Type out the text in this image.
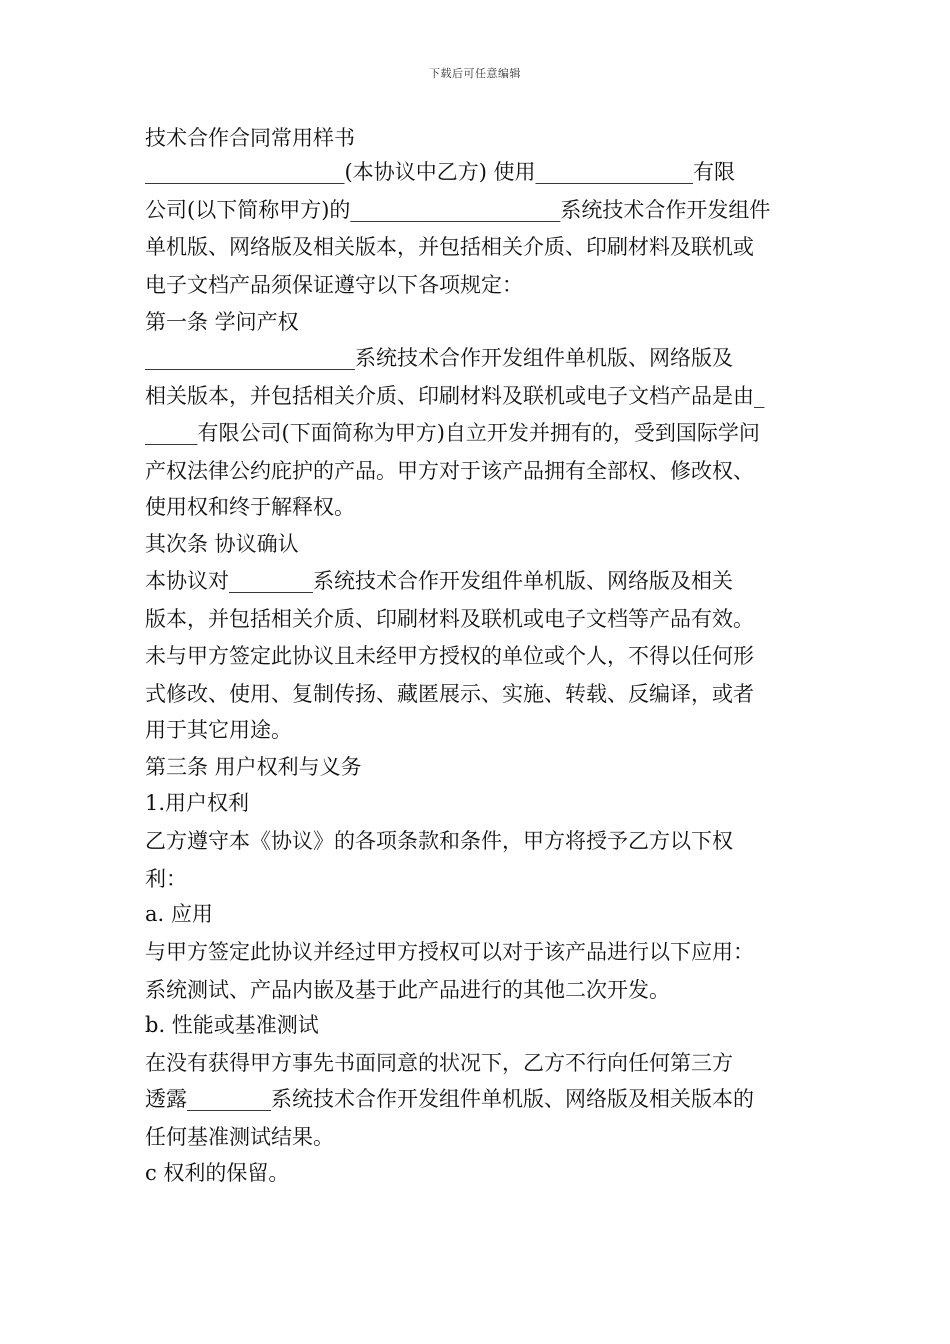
下载后可任意编辑
技术合作合同常用样书
___________________(本协议中乙方) 使用_______________有限
公司(以下简称甲方)的____________________系统技术合作开发组件
单机版、网络版及相关版本，并包括相关介质、印刷材料及联机或
电子文档产品须保证遵守以下各项规定：
第一条 学问产权
____________________系统技术合作开发组件单机版、网络版及
相关版本，并包括相关介质、印刷材料及联机或电子文档产品是由_
_____有限公司(下面简称为甲方)自立开发并拥有的，受到国际学问
产权法律公约庇护的产品。甲方对于该产品拥有全部权、修改权、
使用权和终于解释权。
其次条 协议确认
本协议对________系统技术合作开发组件单机版、网络版及相关
版本，并包括相关介质、印刷材料及联机或电子文档等产品有效。
未与甲方签定此协议且未经甲方授权的单位或个人，不得以任何形
式修改、使用、复制传扬、藏匿展示、实施、转载、反编译，或者
用于其它用途。
第三条 用户权利与义务
1.用户权利
乙方遵守本《协议》的各项条款和条件，甲方将授予乙方以下权
利：
a. 应用
与甲方签定此协议并经过甲方授权可以对于该产品进行以下应用：
系统测试、产品内嵌及基于此产品进行的其他二次开发。
b. 性能或基准测试
在没有获得甲方事先书面同意的状况下，乙方不行向任何第三方
透露________系统技术合作开发组件单机版、网络版及相关版本的
任何基准测试结果。
c 权利的保留。
